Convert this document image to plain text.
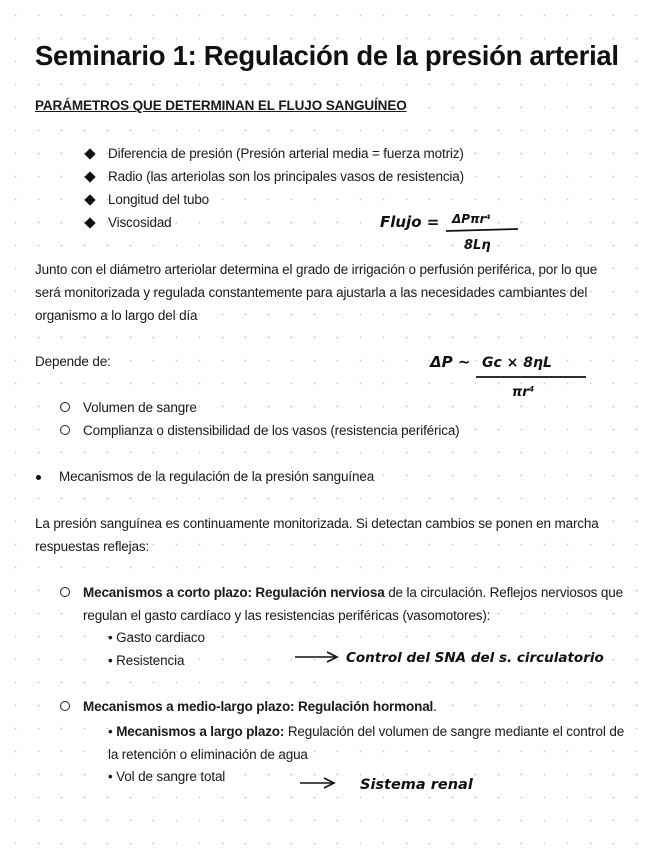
Seminario 1: Regulación de la presión arterial
PARÁMETROS QUE DETERMINAN EL FLUJO SANGUÍNEO
Diferencia de presión (Presión arterial media = fuerza motriz)
Radio (las arteriolas son los principales vasos de resistencia)
Longitud del tubo
Viscosidad	Flujo = ΔPπr⁴
8Lη
Junto con el diámetro arteriolar determina el grado de irrigación o perfusión periférica, por lo que será monitorizada y regulada constantemente para ajustarla a las necesidades cambiantes del organismo a lo largo del día
Depende de:	ΔP ~ Gc × 8ηL
πr⁴
Volumen de sangre
Complianza o distensibilidad de los vasos (resistencia periférica)
Mecanismos de la regulación de la presión sanguínea
La presión sanguínea es continuamente monitorizada. Si detectan cambios se ponen en marcha respuestas reflejas:
Mecanismos a corto plazo: Regulación nerviosa de la circulación. Reflejos nerviosos que regulan el gasto cardíaco y las resistencias periféricas (vasomotores):
• Gasto cardiaco
• Resistencia	Control del SNA del s. circulatorio
Mecanismos a medio-largo plazo: Regulación hormonal.
• Mecanismos a largo plazo: Regulación del volumen de sangre mediante el control de la retención o eliminación de agua
• Vol de sangre total
Sistema renal
